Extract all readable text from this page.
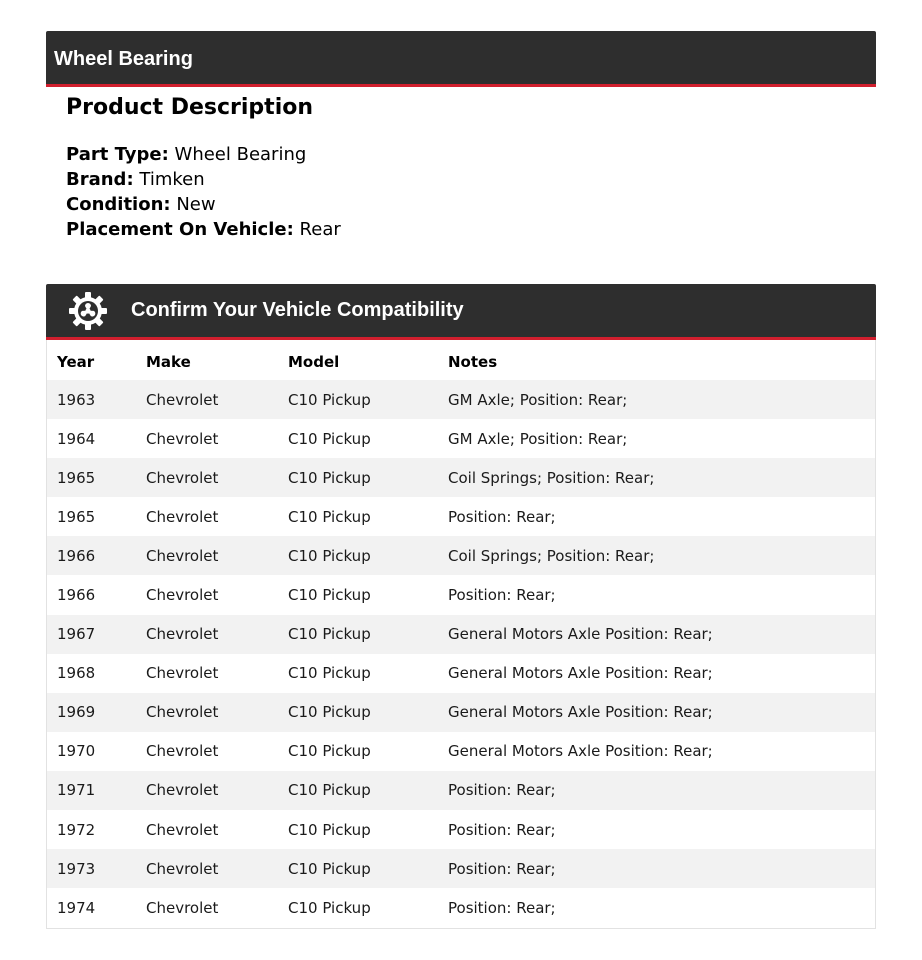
Wheel Bearing
Product Description
Part Type: Wheel Bearing
Brand: Timken
Condition: New
Placement On Vehicle: Rear
Confirm Your Vehicle Compatibility
Year	Make	Model	Notes
1963	Chevrolet	C10 Pickup	GM Axle; Position: Rear;
1964	Chevrolet	C10 Pickup	GM Axle; Position: Rear;
1965	Chevrolet	C10 Pickup	Coil Springs; Position: Rear;
1965	Chevrolet	C10 Pickup	Position: Rear;
1966	Chevrolet	C10 Pickup	Coil Springs; Position: Rear;
1966	Chevrolet	C10 Pickup	Position: Rear;
1967	Chevrolet	C10 Pickup	General Motors Axle Position: Rear;
1968	Chevrolet	C10 Pickup	General Motors Axle Position: Rear;
1969	Chevrolet	C10 Pickup	General Motors Axle Position: Rear;
1970	Chevrolet	C10 Pickup	General Motors Axle Position: Rear;
1971	Chevrolet	C10 Pickup	Position: Rear;
1972	Chevrolet	C10 Pickup	Position: Rear;
1973	Chevrolet	C10 Pickup	Position: Rear;
1974	Chevrolet	C10 Pickup	Position: Rear;
